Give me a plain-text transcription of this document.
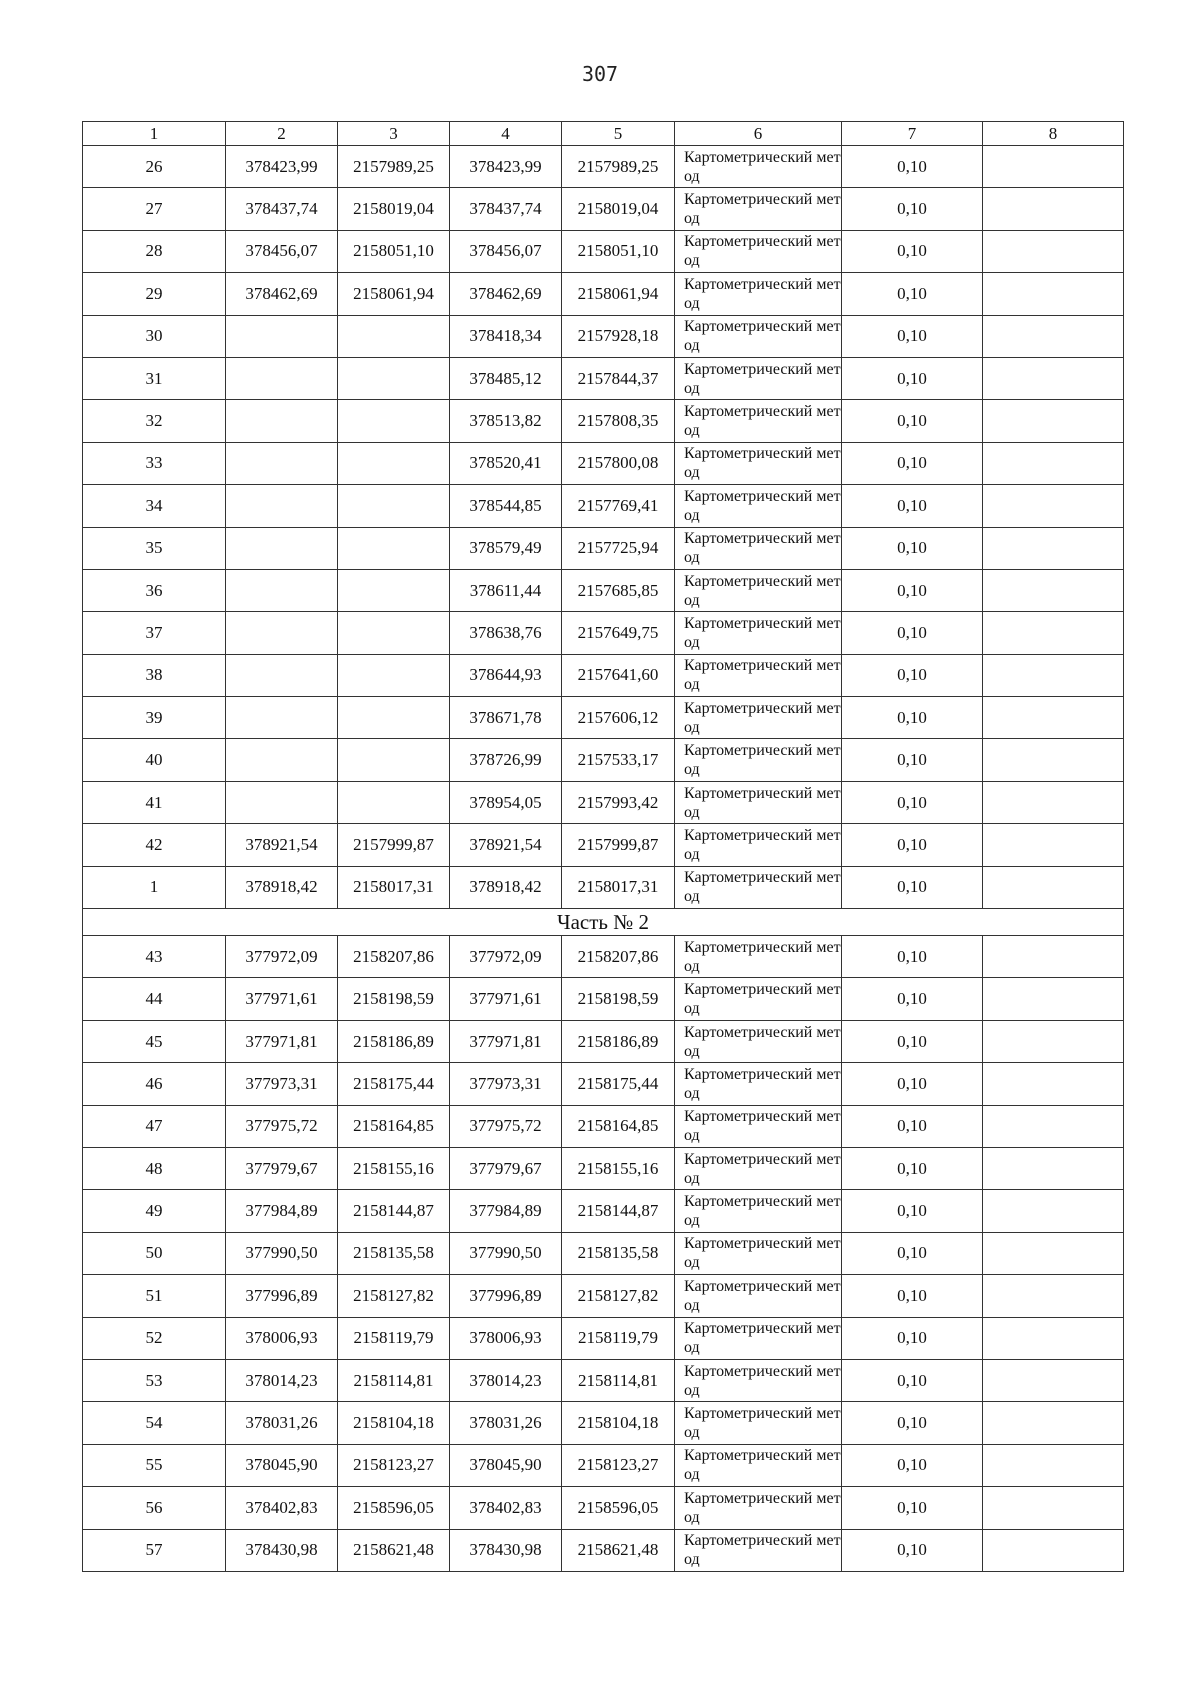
307
1	2	3	4	5	6	7	8
26	378423,99	2157989,25	378423,99	2157989,25	Картометрический метод	0,10	
27	378437,74	2158019,04	378437,74	2158019,04	Картометрический метод	0,10	
28	378456,07	2158051,10	378456,07	2158051,10	Картометрический метод	0,10	
29	378462,69	2158061,94	378462,69	2158061,94	Картометрический метод	0,10	
30			378418,34	2157928,18	Картометрический метод	0,10	
31			378485,12	2157844,37	Картометрический метод	0,10	
32			378513,82	2157808,35	Картометрический метод	0,10	
33			378520,41	2157800,08	Картометрический метод	0,10	
34			378544,85	2157769,41	Картометрический метод	0,10	
35			378579,49	2157725,94	Картометрический метод	0,10	
36			378611,44	2157685,85	Картометрический метод	0,10	
37			378638,76	2157649,75	Картометрический метод	0,10	
38			378644,93	2157641,60	Картометрический метод	0,10	
39			378671,78	2157606,12	Картометрический метод	0,10	
40			378726,99	2157533,17	Картометрический метод	0,10	
41			378954,05	2157993,42	Картометрический метод	0,10	
42	378921,54	2157999,87	378921,54	2157999,87	Картометрический метод	0,10	
1	378918,42	2158017,31	378918,42	2158017,31	Картометрический метод	0,10	
Часть № 2							
43	377972,09	2158207,86	377972,09	2158207,86	Картометрический метод	0,10	
44	377971,61	2158198,59	377971,61	2158198,59	Картометрический метод	0,10	
45	377971,81	2158186,89	377971,81	2158186,89	Картометрический метод	0,10	
46	377973,31	2158175,44	377973,31	2158175,44	Картометрический метод	0,10	
47	377975,72	2158164,85	377975,72	2158164,85	Картометрический метод	0,10	
48	377979,67	2158155,16	377979,67	2158155,16	Картометрический метод	0,10	
49	377984,89	2158144,87	377984,89	2158144,87	Картометрический метод	0,10	
50	377990,50	2158135,58	377990,50	2158135,58	Картометрический метод	0,10	
51	377996,89	2158127,82	377996,89	2158127,82	Картометрический метод	0,10	
52	378006,93	2158119,79	378006,93	2158119,79	Картометрический метод	0,10	
53	378014,23	2158114,81	378014,23	2158114,81	Картометрический метод	0,10	
54	378031,26	2158104,18	378031,26	2158104,18	Картометрический метод	0,10	
55	378045,90	2158123,27	378045,90	2158123,27	Картометрический метод	0,10	
56	378402,83	2158596,05	378402,83	2158596,05	Картометрический метод	0,10	
57	378430,98	2158621,48	378430,98	2158621,48	Картометрический метод	0,10	
